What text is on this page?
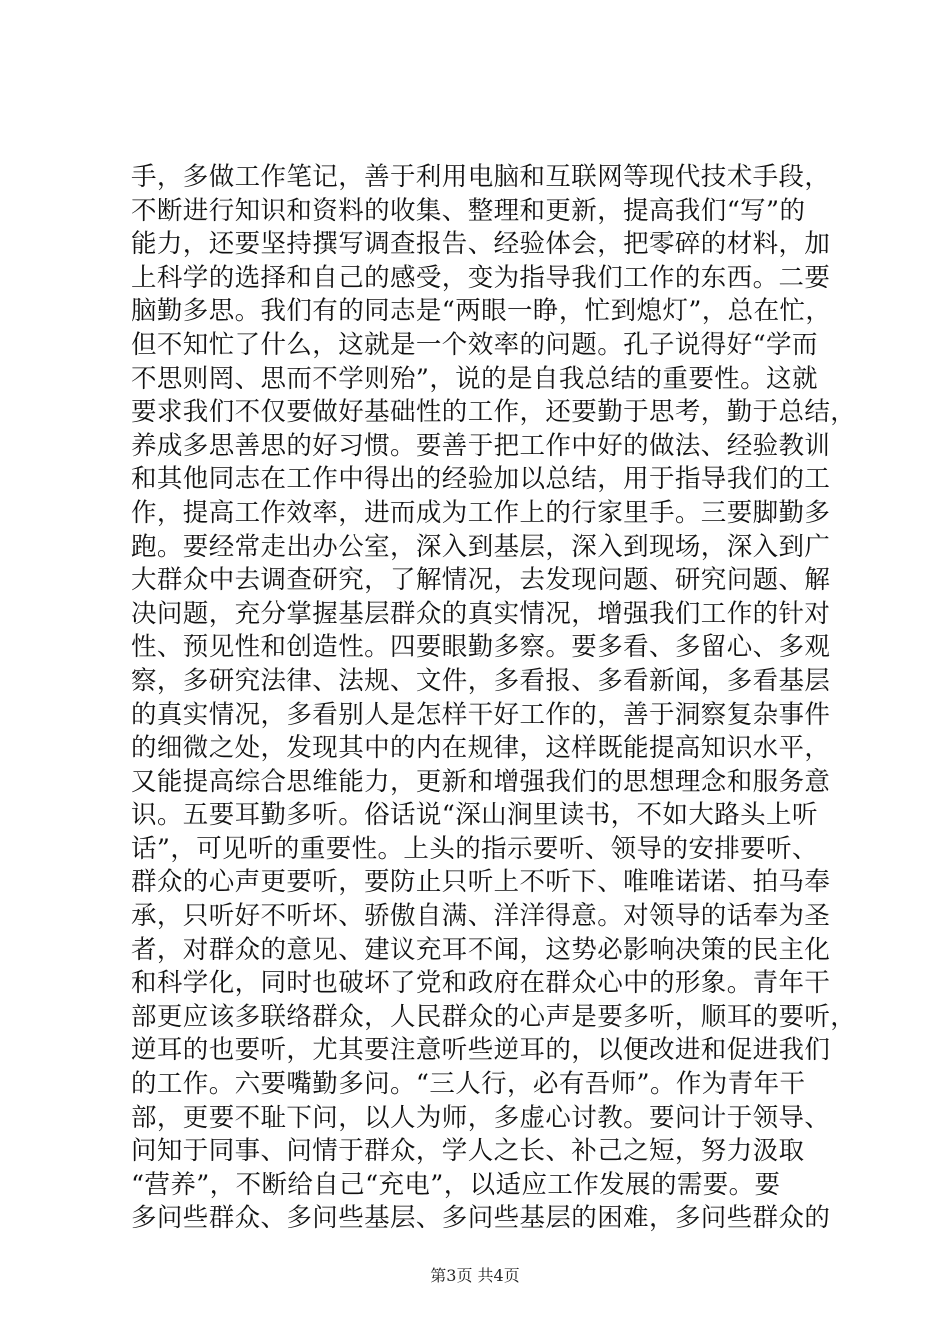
手，多做工作笔记，善于利用电脑和互联网等现代技术手段，
不断进行知识和资料的收集、整理和更新，提高我们“写”的
能力，还要坚持撰写调查报告、经验体会，把零碎的材料，加
上科学的选择和自己的感受，变为指导我们工作的东西。二要
脑勤多思。我们有的同志是“两眼一睁，忙到熄灯”，总在忙，
但不知忙了什么，这就是一个效率的问题。孔子说得好“学而
不思则罔、思而不学则殆”，说的是自我总结的重要性。这就
要求我们不仅要做好基础性的工作，还要勤于思考，勤于总结，
养成多思善思的好习惯。要善于把工作中好的做法、经验教训
和其他同志在工作中得出的经验加以总结，用于指导我们的工
作，提高工作效率，进而成为工作上的行家里手。三要脚勤多
跑。要经常走出办公室，深入到基层，深入到现场，深入到广
大群众中去调查研究，了解情况，去发现问题、研究问题、解
决问题，充分掌握基层群众的真实情况，增强我们工作的针对
性、预见性和创造性。四要眼勤多察。要多看、多留心、多观
察，多研究法律、法规、文件，多看报、多看新闻，多看基层
的真实情况，多看别人是怎样干好工作的，善于洞察复杂事件
的细微之处，发现其中的内在规律，这样既能提高知识水平，
又能提高综合思维能力，更新和增强我们的思想理念和服务意
识。五要耳勤多听。俗话说“深山涧里读书，不如大路头上听
话”，可见听的重要性。上头的指示要听、领导的安排要听、
群众的心声更要听，要防止只听上不听下、唯唯诺诺、拍马奉
承，只听好不听坏、骄傲自满、洋洋得意。对领导的话奉为圣
者，对群众的意见、建议充耳不闻，这势必影响决策的民主化
和科学化，同时也破坏了党和政府在群众心中的形象。青年干
部更应该多联络群众，人民群众的心声是要多听，顺耳的要听，
逆耳的也要听，尤其要注意听些逆耳的，以便改进和促进我们
的工作。六要嘴勤多问。“三人行，必有吾师”。作为青年干
部，更要不耻下问，以人为师，多虚心讨教。要问计于领导、
问知于同事、问情于群众，学人之长、补己之短，努力汲取
“营养”，不断给自己“充电”，以适应工作发展的需要。要
多问些群众、多问些基层、多问些基层的困难，多问些群众的
第3页 共4页
